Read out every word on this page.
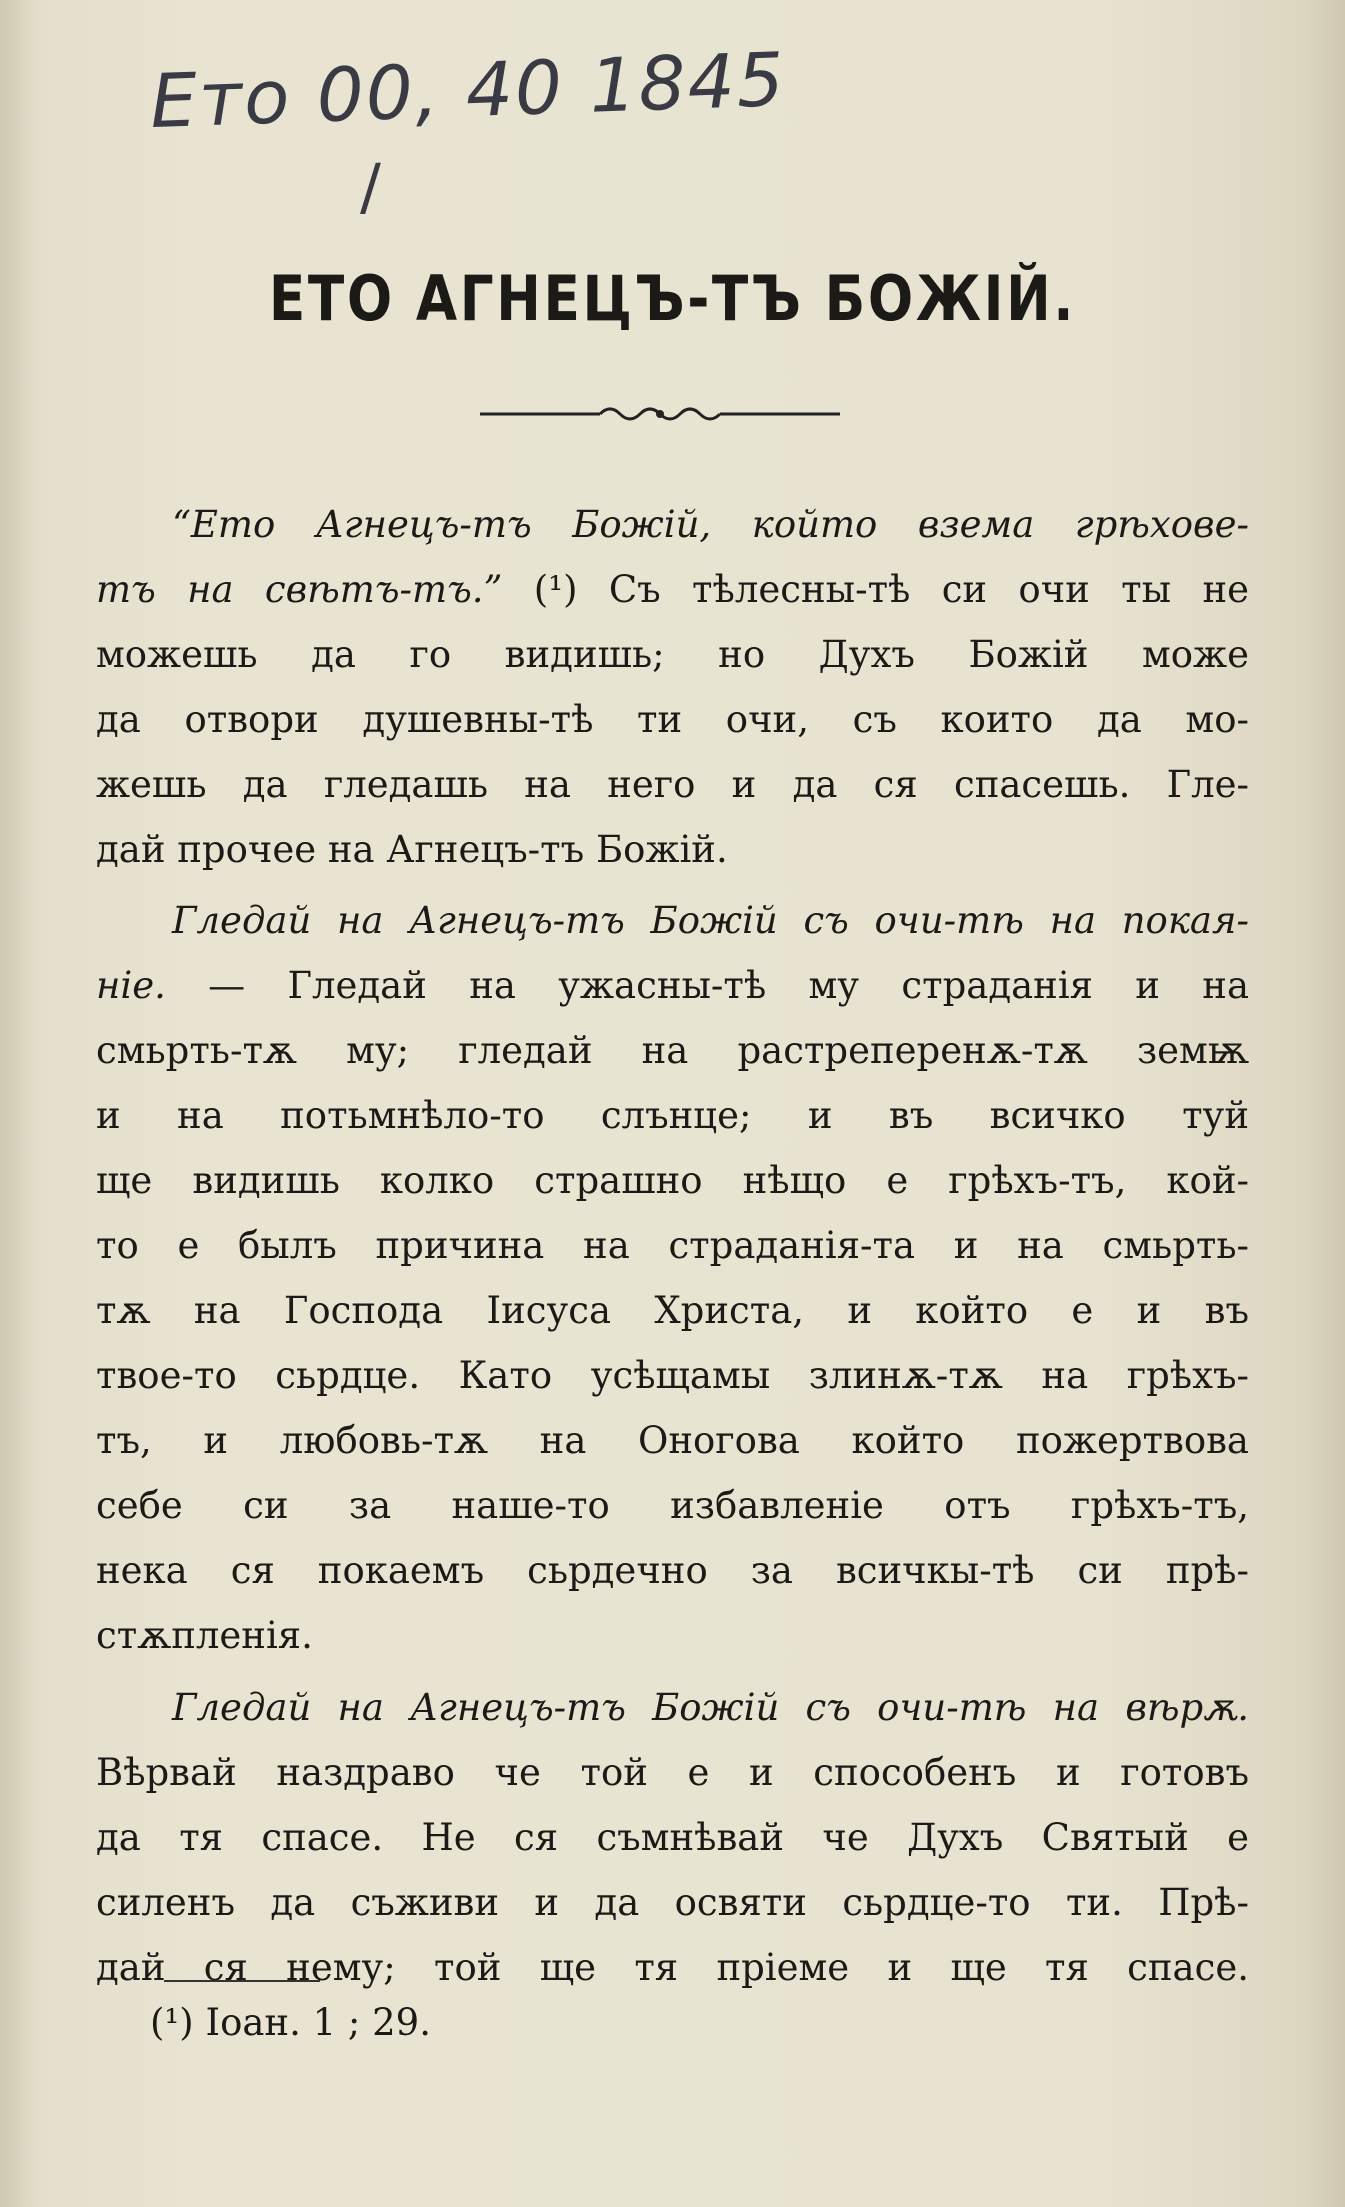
Ето 00, 40 1845
/
ЕТО АГНЕЦЪ-ТЪ БОЖІЙ.
“Ето Агнецъ-тъ Божій, който взема грѣхове-
тъ на свѣтъ-тъ.” (¹) Съ тѣлесны-тѣ си очи ты не
можешь да го видишь; но Духъ Божій може
да отвори душевны-тѣ ти очи, съ които да мо-
жешь да гледашь на него и да ся спасешь. Гле-
дай прочее на Агнецъ-тъ Божій.
Гледай на Агнецъ-тъ Божій съ очи-тѣ на покая-
ніе. — Гледай на ужасны-тѣ му страданія и на
смьрть-тѫ му; гледай на растреперенѫ-тѫ земѭ
и на потьмнѣло-то слънце; и въ всичко туй
ще видишь колко страшно нѣщо е грѣхъ-тъ, кой-
то е былъ причина на страданія-та и на смьрть-
тѫ на Господа Іисуса Христа, и който е и въ
твое-то сьрдце. Като усѣщамы злинѫ-тѫ на грѣхъ-
тъ, и любовь-тѫ на Оногова който пожертвова
себе си за наше-то избавленіе отъ грѣхъ-тъ,
нека ся покаемъ сьрдечно за всичкы-тѣ си прѣ-
стѫпленія.
Гледай на Агнецъ-тъ Божій съ очи-тѣ на вѣрѫ.
Вѣрвай наздраво че той е и способенъ и готовъ
да тя спасе. Не ся съмнѣвай че Духъ Святый е
силенъ да съживи и да освяти сьрдце-то ти. Прѣ-
дай ся нему; той ще тя пріеме и ще тя спасе.
(¹) Іоан. 1 ; 29.
